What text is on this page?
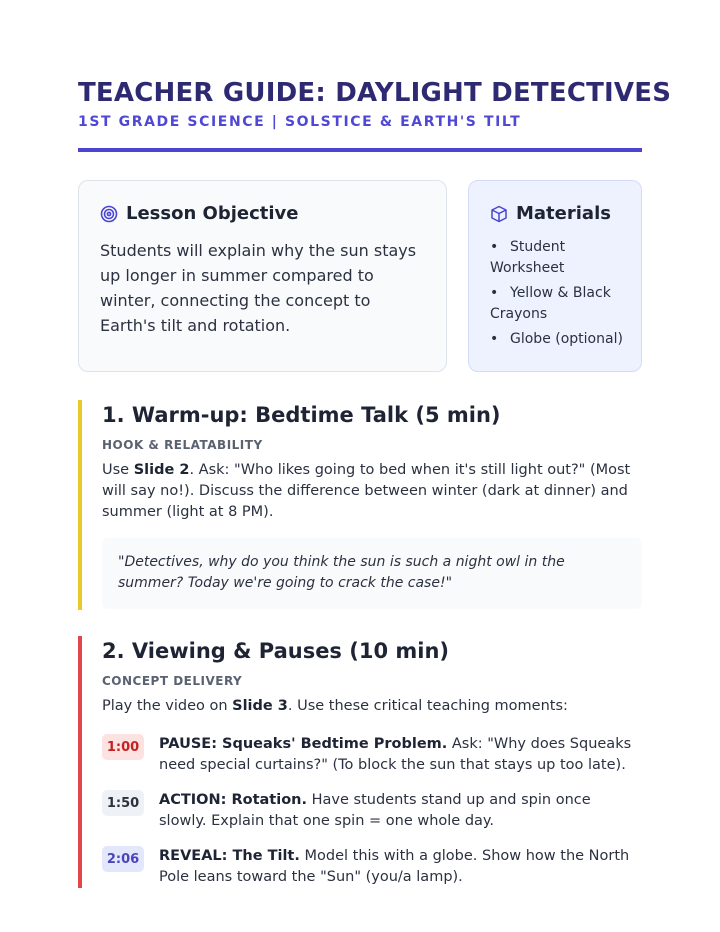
TEACHER GUIDE: DAYLIGHT DETECTIVES
1ST GRADE SCIENCE | SOLSTICE & EARTH'S TILT
Lesson Objective
Students will explain why the sun stays up longer in summer compared to winter, connecting the concept to Earth's tilt and rotation.
Materials
• Student Worksheet
• Yellow & Black Crayons
• Globe (optional)
1. Warm-up: Bedtime Talk (5 min)
HOOK & RELATABILITY
Use Slide 2. Ask: "Who likes going to bed when it's still light out?" (Most will say no!). Discuss the difference between winter (dark at dinner) and summer (light at 8 PM).
"Detectives, why do you think the sun is such a night owl in the summer? Today we're going to crack the case!"
2. Viewing & Pauses (10 min)
CONCEPT DELIVERY
Play the video on Slide 3. Use these critical teaching moments:
1:00	PAUSE: Squeaks' Bedtime Problem. Ask: "Why does Squeaks need special curtains?" (To block the sun that stays up too late).
1:50	ACTION: Rotation. Have students stand up and spin once slowly. Explain that one spin = one whole day.
2:06	REVEAL: The Tilt. Model this with a globe. Show how the North Pole leans toward the "Sun" (you/a lamp).
